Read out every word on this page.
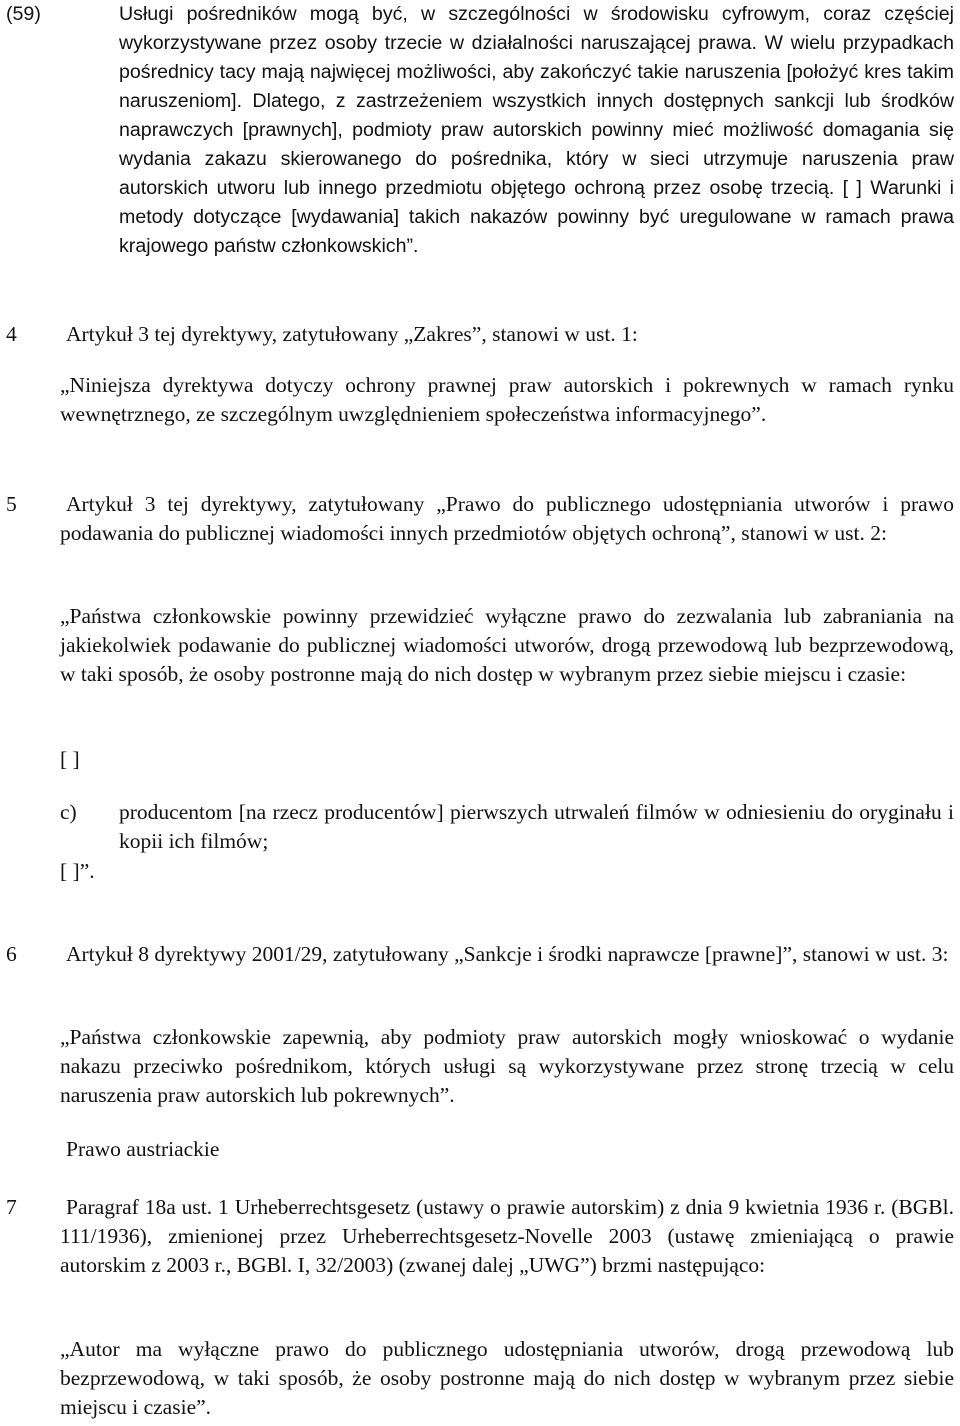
(59)	Usługi pośredników mogą być, w szczególności w środowisku cyfrowym, coraz częściej wykorzystywane przez osoby trzecie w działalności naruszającej prawa. W wielu przypadkach pośrednicy tacy mają najwięcej możliwości, aby zakończyć takie naruszenia [położyć kres takim naruszeniom]. Dlatego, z zastrzeżeniem wszystkich innych dostępnych sankcji lub środków naprawczych [prawnych], podmioty praw autorskich powinny mieć możliwość domagania się wydania zakazu skierowanego do pośrednika, który w sieci utrzymuje naruszenia praw autorskich utworu lub innego przedmiotu objętego ochroną przez osobę trzecią. [ ] Warunki i metody dotyczące [wydawania] takich nakazów powinny być uregulowane w ramach prawa krajowego państw członkowskich”.
4 Artykuł 3 tej dyrektywy, zatytułowany „Zakres”, stanowi w ust. 1:
„Niniejsza dyrektywa dotyczy ochrony prawnej praw autorskich i pokrewnych w ramach rynku wewnętrznego, ze szczególnym uwzględnieniem społeczeństwa informacyjnego”.
5 Artykuł 3 tej dyrektywy, zatytułowany „Prawo do publicznego udostępniania utworów i prawo podawania do publicznej wiadomości innych przedmiotów objętych ochroną”, stanowi w ust. 2:
„Państwa członkowskie powinny przewidzieć wyłączne prawo do zezwalania lub zabraniania na jakiekolwiek podawanie do publicznej wiadomości utworów, drogą przewodową lub bezprzewodową, w taki sposób, że osoby postronne mają do nich dostęp w wybranym przez siebie miejscu i czasie:
[ ]
c) producentom [na rzecz producentów] pierwszych utrwaleń filmów w odniesieniu do oryginału i kopii ich filmów;
[ ]”.
6 Artykuł 8 dyrektywy 2001/29, zatytułowany „Sankcje i środki naprawcze [prawne]”, stanowi w ust. 3:
„Państwa członkowskie zapewnią, aby podmioty praw autorskich mogły wnioskować o wydanie nakazu przeciwko pośrednikom, których usługi są wykorzystywane przez stronę trzecią w celu naruszenia praw autorskich lub pokrewnych”.
Prawo austriackie
7 Paragraf 18a ust. 1 Urheberrechtsgesetz (ustawy o prawie autorskim) z dnia 9 kwietnia 1936 r. (BGBl. 111/1936), zmienionej przez Urheberrechtsgesetz-Novelle 2003 (ustawę zmieniającą o prawie autorskim z 2003 r., BGBl. I, 32/2003) (zwanej dalej „UWG”) brzmi następująco:
„Autor ma wyłączne prawo do publicznego udostępniania utworów, drogą przewodową lub bezprzewodową, w taki sposób, że osoby postronne mają do nich dostęp w wybranym przez siebie miejscu i czasie”.
